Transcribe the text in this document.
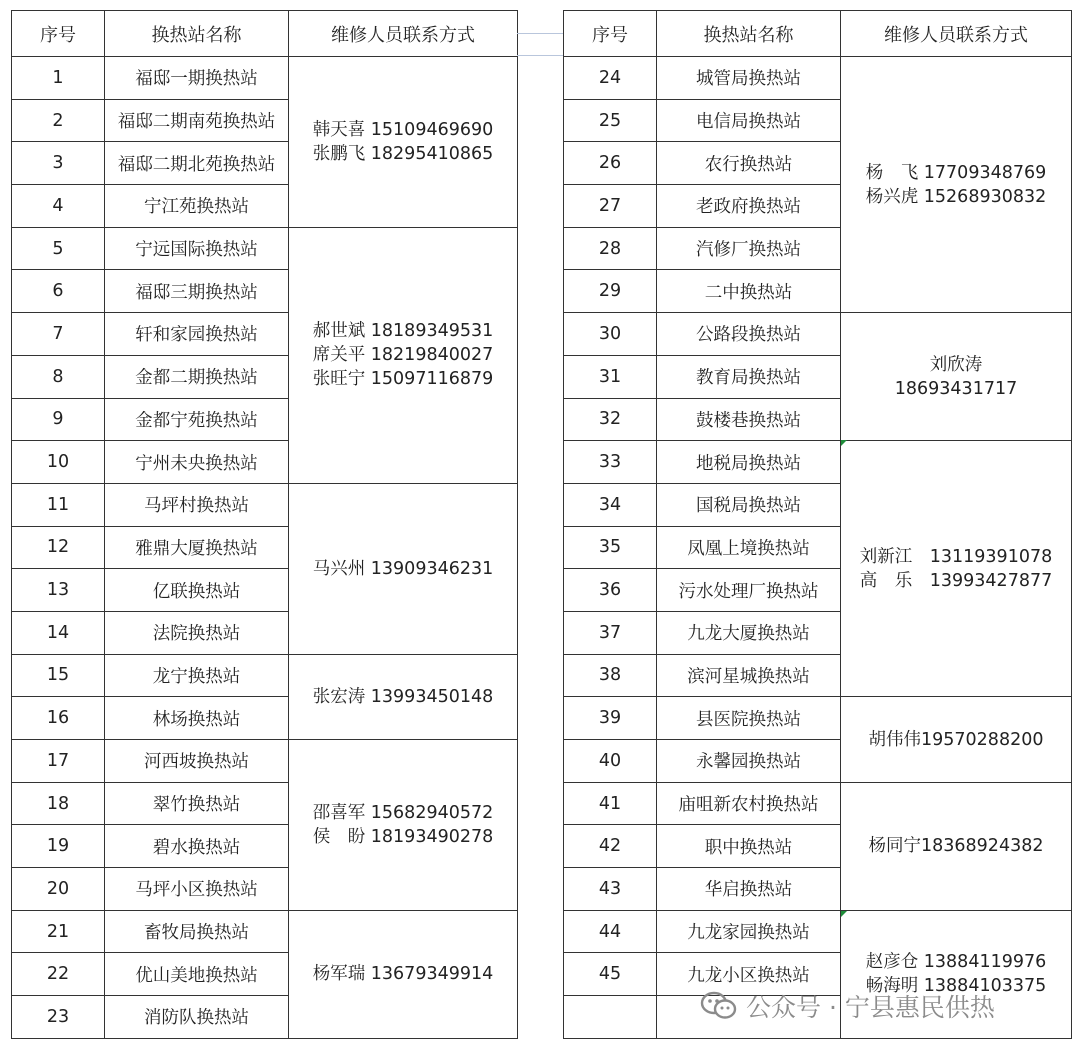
序号	换热站名称	维修人员联系方式
1	福邸一期换热站	韩天喜 15109469690
张鹏飞 18295410865

2	福邸二期南苑换热站	
3	福邸二期北苑换热站	
4	宁江苑换热站	
5	宁远国际换热站	郝世斌 18189349531
席关平 18219840027
张旺宁 15097116879

6	福邸三期换热站	
7	轩和家园换热站	
8	金都二期换热站	
9	金都宁苑换热站	
10	宁州未央换热站	
11	马坪村换热站	马兴州 13909346231

12	雅鼎大厦换热站	
13	亿联换热站	
14	法院换热站	
15	龙宁换热站	张宏涛 13993450148

16	林场换热站	
17	河西坡换热站	邵喜军 15682940572
侯　盼 18193490278

18	翠竹换热站	
19	碧水换热站	
20	马坪小区换热站	
21	畜牧局换热站	杨军瑞 13679349914

22	优山美地换热站	
23	消防队换热站	
序号	换热站名称	维修人员联系方式
24	城管局换热站	杨　飞 17709348769
杨兴虎 15268930832

25	电信局换热站	
26	农行换热站	
27	老政府换热站	
28	汽修厂换热站	
29	二中换热站	
30	公路段换热站	刘欣涛
18693431717

31	教育局换热站	
32	鼓楼巷换热站	
33	地税局换热站	刘新江　13119391078
高　乐　13993427877

34	国税局换热站	
35	凤凰上境换热站	
36	污水处理厂换热站	
37	九龙大厦换热站	
38	滨河星城换热站	
39	县医院换热站	胡伟伟19570288200

40	永馨园换热站	
41	庙咀新农村换热站	杨同宁18368924382

42	职中换热站	
43	华启换热站	
44	九龙家园换热站	赵彦仓 13884119976
畅海明 13884103375

45	九龙小区换热站	

公众号 · 宁县惠民供热
